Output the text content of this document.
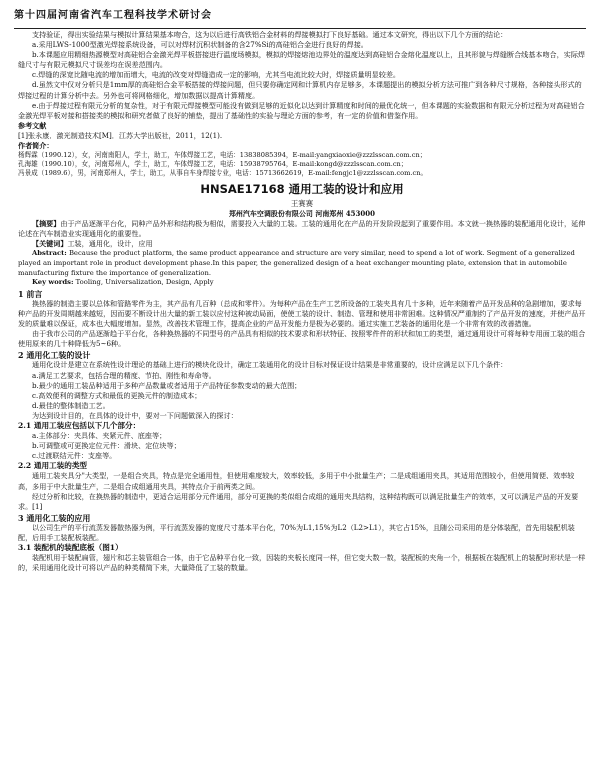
第十四届河南省汽车工程科技学术研讨会

支持验证，得出实验结果与模拟计算结果基本吻合，这为以后进行高铁铝合金材料的焊接模拟打下良好基础。通过本文研究，得出以下几个方面的结论：

a.采用LWS-1000型激光焊接系统设备，可以对焊材沉积状制备的含27%Si的高硅铝合金进行良好的焊接。

b.本课题应用精细热源模型对高硅铝合金激光焊平板搭接进行温度场模拟，模拟的焊接熔池边界处的温度达到高硅铝合金熔化温度以上，且其形貌与焊缝断合线基本吻合，实际焊缝尺寸与有限元模拟尺寸误差均在误差范围内。

c.焊缝的深宽比随电流的增加而增大，电流的改变对焊缝造成一定的影响，尤其当电流比较大时，焊接质量明显较差。

d.虽然文中仅对分析只是1mm厚的高硅铝合金平板搭接的焊接问题，但只要你确定网和计算机内存足够多，本课题提出的模拟分析方法可推广到各种尺寸规格，各种接头形式的焊接过程的计算分析中去。另外也可将网格细化，增加数据以提高计算精度。

e.由于焊接过程有限元分析的复杂性，对于有限元焊接模型可能没有做到足够的近似化以达到计算精度和时间的最优化统一，但本课题的实验数据和有限元分析过程为对高硅铝合金激光焊平板对接和搭接类的模拟和研究者做了良好的铺垫，提出了基础性的实验与理论方面的参考，有一定的价值和借鉴作用。

参考文献

[1]张永康．激光制造技术[M]．江苏大学出版社，2011，12(1).

作者简介：

杨辉霖（1990.12），女，河南南阳人，学士，助工，车体焊接工艺，电话：13838085394，E-mail:yangxiaoxie@zzzlsscan.com.cn；

孔海雄（1990.10），女，河南郑州人，学士，助工，车体焊接工艺，电话：15938795764，E-mail:kongd@zzzlsscan.com.cn；

冯景成（1989.6），男，河南郑州人，学士，助工，从事自车身焊接专业，电话：15713662619，E-mail:fengjc1@zzzlsscan.com.cn。

HNSAE17168 通用工装的设计和应用
王赛赛
郑州汽车空调股份有限公司 河南郑州 453000

【摘要】由于产品逐渐平台化，同种产品外形和结构极为相似，需要投入大量的工装。工装的通用化在产品的开发阶段起到了重要作用。本文就一换热器的装配通用化设计，延伸论述在汽车制造业实现通用化的重要性。

【关键词】工装，通用化，设计，应用

Abstract: Because the product platform, the same product appearance and structure are very similar, need to spend a lot of work. Segment of a generalized played an important role in product development phase.In this paper, the generalized design of a heat exchanger mounting plate, extension that in automobile manufacturing fixture the importance of generalization.

Key words: Tooling, Universalization, Design, Apply

1 前言

换热器的制造主要以总体和管路零件为主，其产品有几百种（总成和零件）。为每种产品在生产工艺所设备的工装夹具有几十多种，近年来随着产品开发品种的急剧增加，要求每种产品的开发周期越来越短，因而要不断设计出大量的新工装以应付这种被动局面，使使工装的设计、制造、管理和使用非常困难。这种情况严重制约了产品开发的速度，并使产品开发的质量难以保证，成本也大幅度增加。显然，改善技术管理工作，提高企业的产品开发能力是极为必要的。通过实施工艺装备的通用化是一个非常有效的改善措施。

由于我市公司的产品逐渐趋于平台化，各种换热器的不同型号的产品具有相似的技术要求和形状特征、按照零件件的形状和加工的类型，通过通用设计可将每种专用面工装的组合使用原来的几十种降低为5~6种。

2 通用化工装的设计

通用化设计是建立在系统性设计理论的基础上进行的模块化设计，确定工装通用化的设计目标对保证设计结果是非常重要的，设计应满足以下几个条件：

a.满足工艺要求，包括合理的精度、节拍、刚性和寿命等。

b.最少的通用工装品种适用于多种产品数量或者适用于产品特征参数变动的最大范围；

c.高效便利的调整方式和最低的更换元件的制造成本；

d.最佳的整体制造工艺。

为达到设计目的，在具体的设计中，要对一下问题做深入的探讨：

2.1 通用工装应包括以下几个部分：

a.主体部分：夹具体、夹紧元件、底座等；

b.可调整或可更换定位元件：滑块、定位块等；

c.过渡联结元件：支座等。

2.2 通用工装的类型

通用工装夹具分"大类型，一是组合夹具，特点是完全通用性，但使用难度较大，效率较低，多用于中小批量生产；二是成组通用夹具，其适用范围较小，但使用简便、效率较高，多用于中大批量生产，二是组合成组通用夹具，其特点介于前两类之间。

经过分析和比较，在换热器的制造中，更适合运用部分元件通用，部分可更换的类似组合成组的通用夹具结构，这种结构既可以满足批量生产的效率，又可以满足产品的开发要求。[1]

3 通用化工装的应用

以公司生产的平行流蒸发器散热器为例，平行流蒸发器的宽度尺寸基本平台化，70%为L1,15%为L2（L2>L1），其它占15%，且随公司采用的是分体装配，首先用装配机装配，后用手工装配板装配。

3.1 装配机的装配底板（图1）

装配机用于装配扁管，翅片和芯主装管组合一体，由于它品种平台化一致，因装的夹板长度同一样，但它变大数一数，装配板的夹角一个，根据板在装配机上的装配时形状是一样的，采用通用化设计可将以产品的种类精简下来，大量降低了工装的数量。
